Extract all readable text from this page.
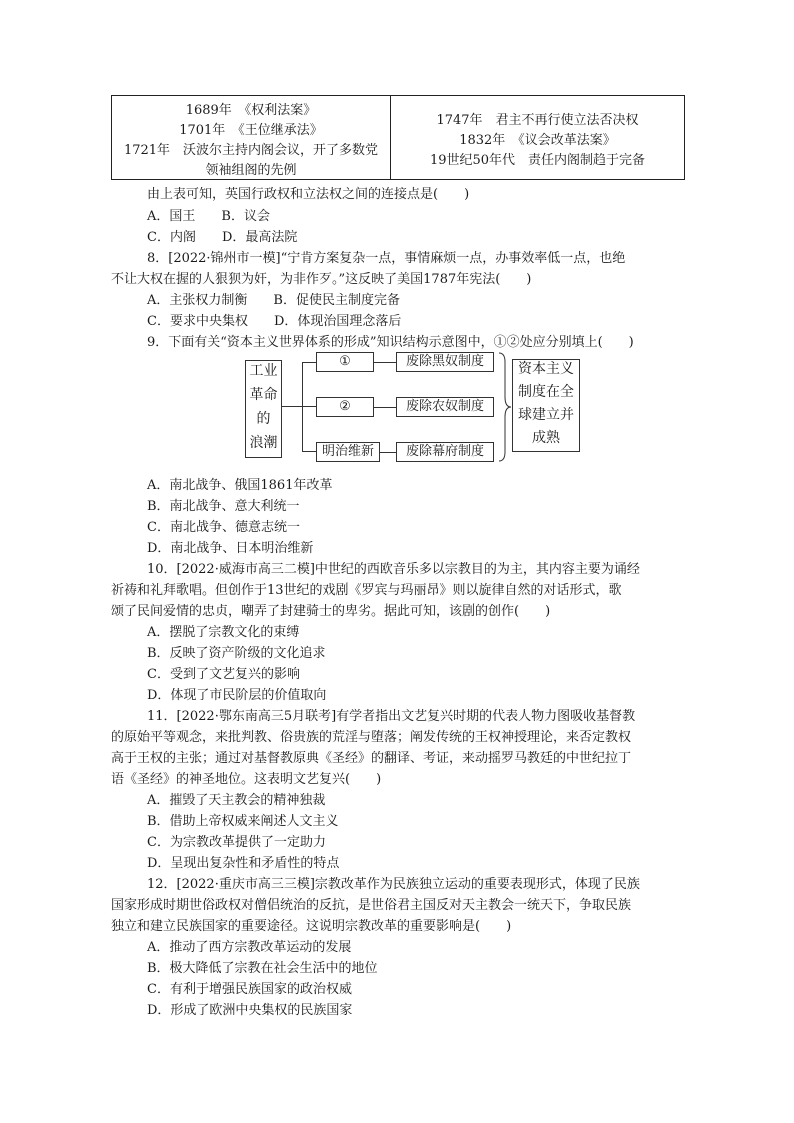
1689年　《权利法案》
1701年　《王位继承法》
1721年　沃波尔主持内阁会议，开了多数党
领袖组阁的先例
1747年　君主不再行使立法否决权
1832年　《议会改革法案》
19世纪50年代　责任内阁制趋于完备
由上表可知，英国行政权和立法权之间的连接点是(　　)
A．国王　　B．议会
C．内阁　　D．最高法院
8．[2022·锦州市一模]“宁肯方案复杂一点，事情麻烦一点，办事效率低一点，也绝
不让大权在握的人狠狈为奸，为非作歹。”这反映了美国1787年宪法(　　)
A．主张权力制衡　　B．促使民主制度完备
C．要求中央集权　　D．体现治国理念落后
9．下面有关“资本主义世界体系的形成”知识结构示意图中，①②处应分别填上(　　)
工业
革命
的
浪潮
①
②
明治维新
废除黑奴制度
废除农奴制度
废除幕府制度
资本主义
制度在全
球建立并
成熟
A．南北战争、俄国1861年改革
B．南北战争、意大利统一
C．南北战争、德意志统一
D．南北战争、日本明治维新
10．[2022·威海市高三二模]中世纪的西欧音乐多以宗教目的为主，其内容主要为诵经
祈祷和礼拜歌唱。但创作于13世纪的戏剧《罗宾与玛丽昂》则以旋律自然的对话形式，歌
颂了民间爱情的忠贞，嘲弄了封建骑士的卑劣。据此可知，该剧的创作(　　)
A．摆脱了宗教文化的束缚
B．反映了资产阶级的文化追求
C．受到了文艺复兴的影响
D．体现了市民阶层的价值取向
11．[2022·鄂东南高三5月联考]有学者指出文艺复兴时期的代表人物力图吸收基督教
的原始平等观念，来批判教、俗贵族的荒淫与堕落；阐发传统的王权神授理论，来否定教权
高于王权的主张；通过对基督教原典《圣经》的翻译、考证，来动摇罗马教廷的中世纪拉丁
语《圣经》的神圣地位。这表明文艺复兴(　　)
A．摧毁了天主教会的精神独裁
B．借助上帝权威来阐述人文主义
C．为宗教改革提供了一定助力
D．呈现出复杂性和矛盾性的特点
12．[2022·重庆市高三三模]宗教改革作为民族独立运动的重要表现形式，体现了民族
国家形成时期世俗政权对僧侣统治的反抗，是世俗君主国反对天主教会一统天下，争取民族
独立和建立民族国家的重要途径。这说明宗教改革的重要影响是(　　)
A．推动了西方宗教改革运动的发展
B．极大降低了宗教在社会生活中的地位
C．有利于增强民族国家的政治权威
D．形成了欧洲中央集权的民族国家
